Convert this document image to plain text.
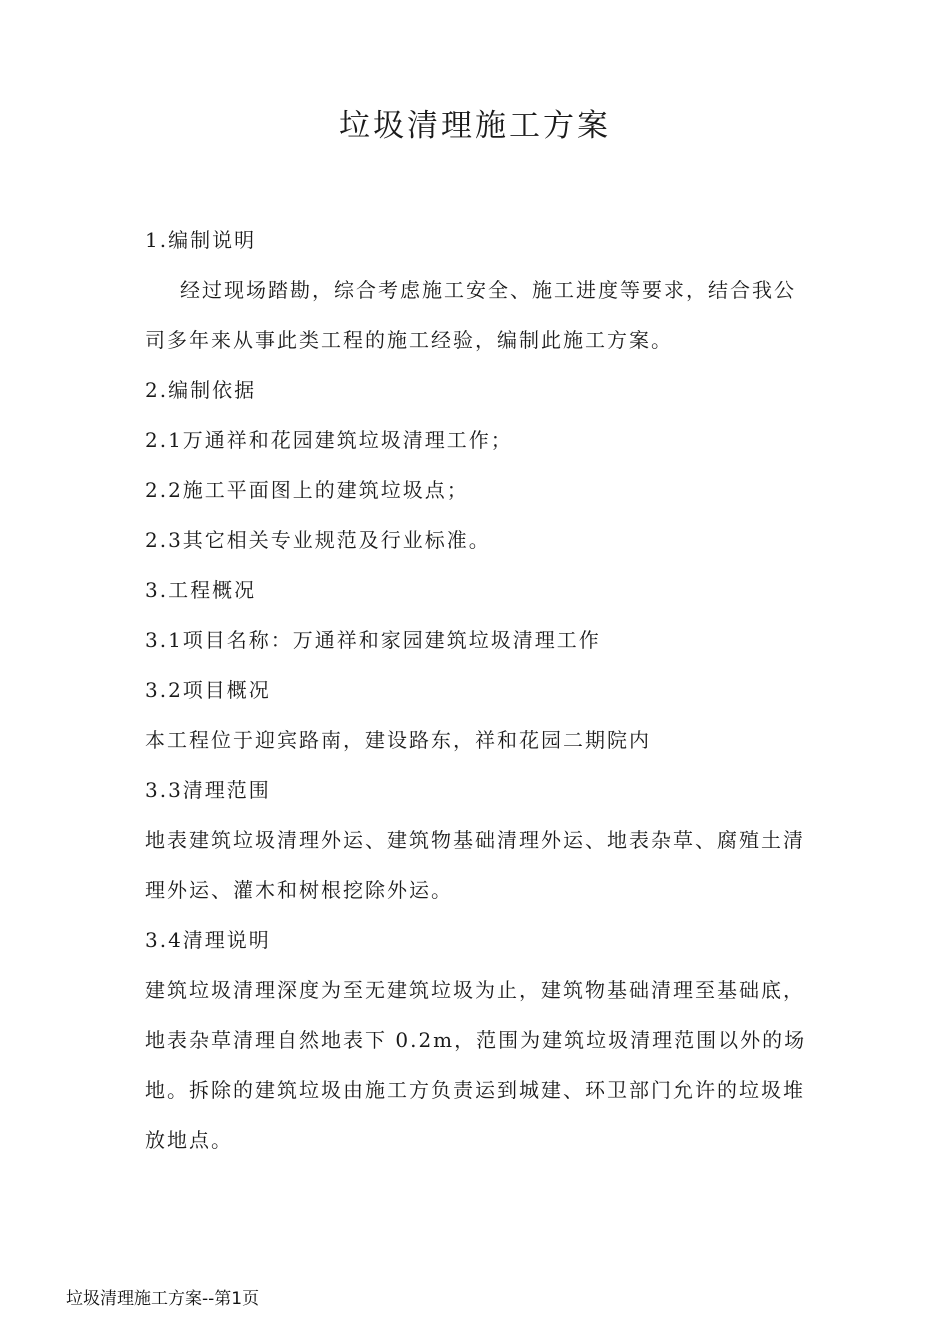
垃圾清理施工方案

1.编制说明

经过现场踏勘，综合考虑施工安全、施工进度等要求，结合我公

司多年来从事此类工程的施工经验，编制此施工方案。

2.编制依据

2.1万通祥和花园建筑垃圾清理工作；

2.2施工平面图上的建筑垃圾点；

2.3其它相关专业规范及行业标准。

3.工程概况

3.1项目名称：万通祥和家园建筑垃圾清理工作

3.2项目概况

本工程位于迎宾路南，建设路东，祥和花园二期院内

3.3清理范围

地表建筑垃圾清理外运、建筑物基础清理外运、地表杂草、腐殖土清

理外运、灌木和树根挖除外运。

3.4清理说明

建筑垃圾清理深度为至无建筑垃圾为止，建筑物基础清理至基础底，

地表杂草清理自然地表下 0.2m，范围为建筑垃圾清理范围以外的场

地。拆除的建筑垃圾由施工方负责运到城建、环卫部门允许的垃圾堆

放地点。

垃圾清理施工方案--第1页
